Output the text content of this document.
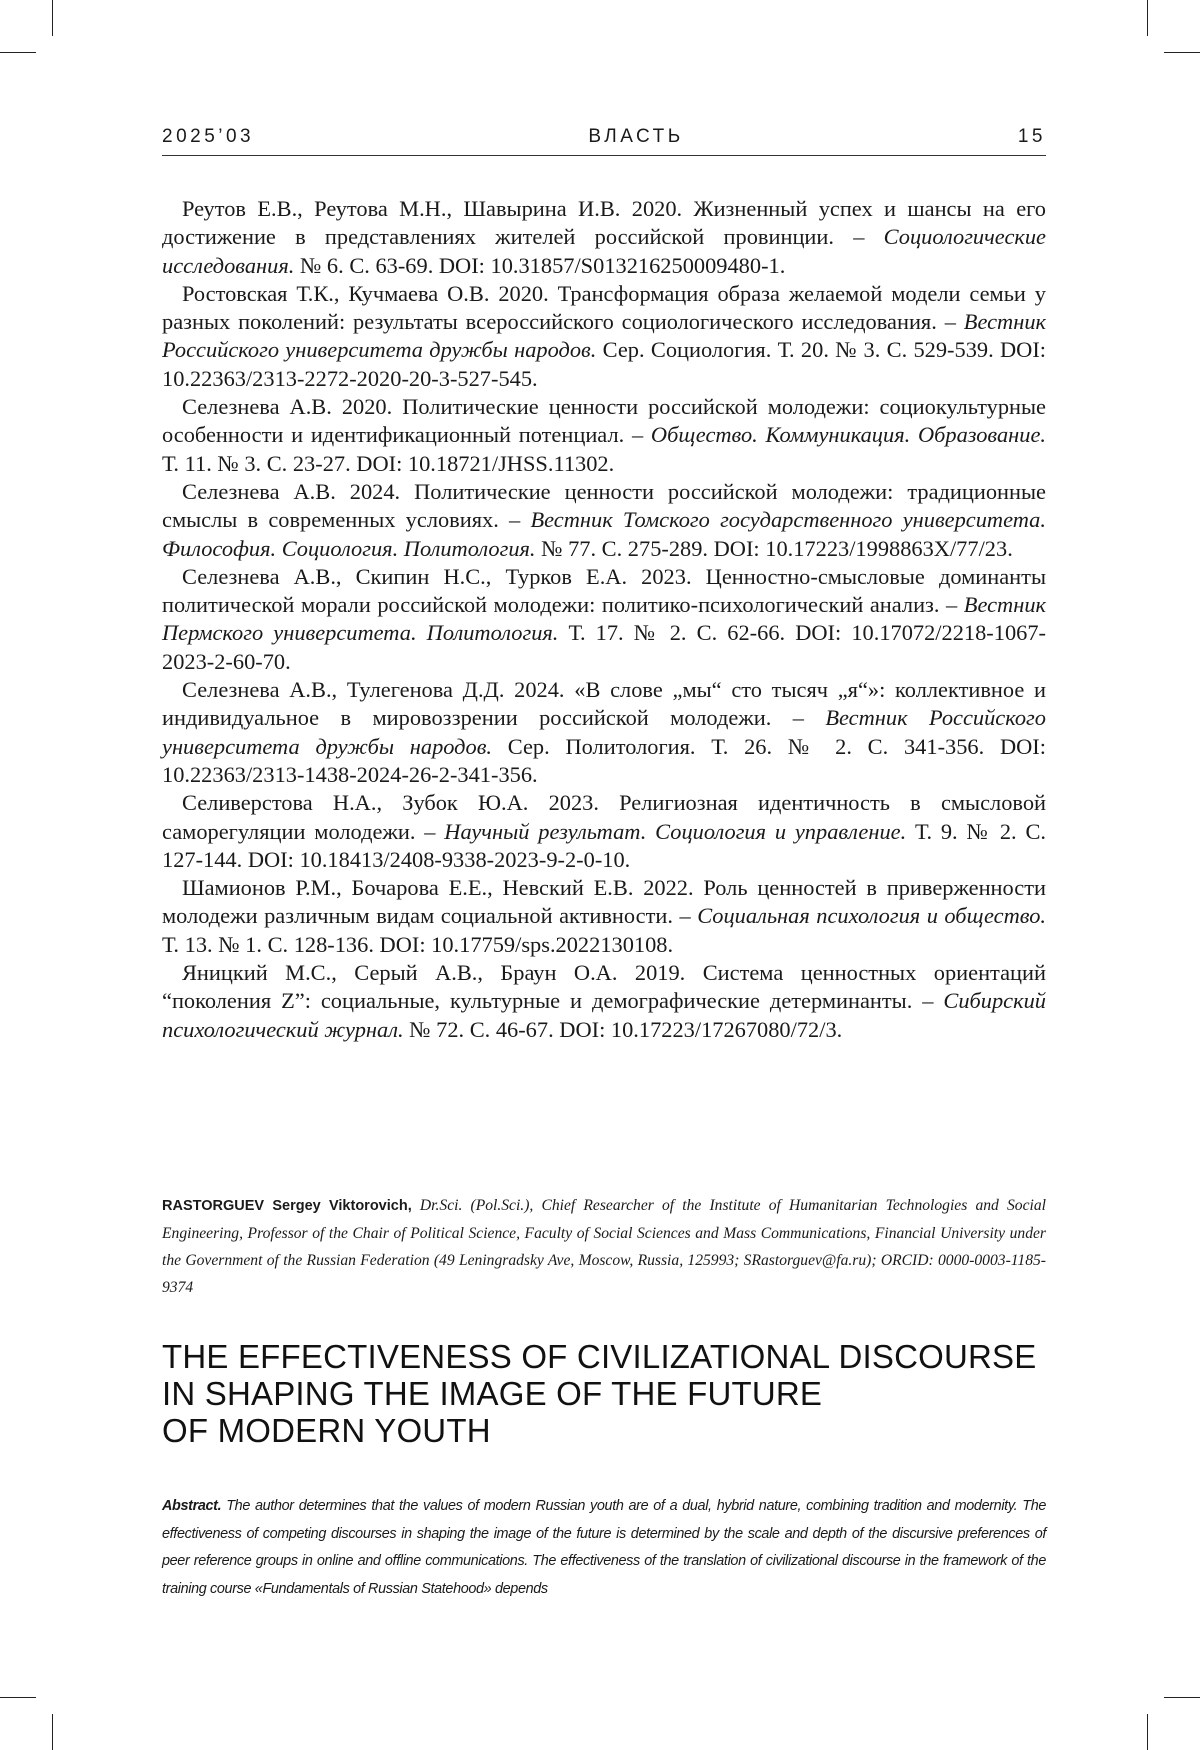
2025’03	ВЛАСТЬ	15

Реутов Е.В., Реутова М.Н., Шавырина И.В. 2020. Жизненный успех и шансы на его достижение в представлениях жителей российской провинции. – Социологические исследования. № 6. С. 63-69. DOI: 10.31857/S013216250009480-1.

Ростовская Т.К., Кучмаева О.В. 2020. Трансформация образа желаемой модели семьи у разных поколений: результаты всероссийского социологического исследования. – Вестник Российского университета дружбы народов. Сер. Социология. Т. 20. № 3. С. 529-539. DOI: 10.22363/2313-2272-2020-20-3-527-545.

Селезнева А.В. 2020. Политические ценности российской молодежи: социокультурные особенности и идентификационный потенциал. – Общество. Коммуникация. Образование. Т. 11. № 3. С. 23-27. DOI: 10.18721/JHSS.11302.

Селезнева А.В. 2024. Политические ценности российской молодежи: традиционные смыслы в современных условиях. – Вестник Томского государственного университета. Философия. Социология. Политология. № 77. С. 275-289. DOI: 10.17223/1998863X/77/23.

Селезнева А.В., Скипин Н.С., Турков Е.А. 2023. Ценностно-смысловые доминанты политической морали российской молодежи: политико-психологический анализ. – Вестник Пермского университета. Политология. Т. 17. № 2. С. 62-66. DOI: 10.17072/2218-1067-2023-2-60-70.

Селезнева А.В., Тулегенова Д.Д. 2024. «В слове „мы“ сто тысяч „я“»: коллективное и индивидуальное в мировоззрении российской молодежи. – Вестник Российского университета дружбы народов. Сер. Политология. Т. 26. № 2. С. 341-356. DOI: 10.22363/2313-1438-2024-26-2-341-356.

Селиверстова Н.А., Зубок Ю.А. 2023. Религиозная идентичность в смысловой саморегуляции молодежи. – Научный результат. Социология и управление. Т. 9. № 2. С. 127-144. DOI: 10.18413/2408-9338-2023-9-2-0-10.

Шамионов Р.М., Бочарова Е.Е., Невский Е.В. 2022. Роль ценностей в приверженности молодежи различным видам социальной активности. – Социальная психология и общество. Т. 13. № 1. С. 128-136. DOI: 10.17759/sps.2022130108.

Яницкий М.С., Серый А.В., Браун О.А. 2019. Система ценностных ориентаций “поколения Z”: социальные, культурные и демографические детерминанты. – Сибирский психологический журнал. № 72. С. 46-67. DOI: 10.17223/17267080/72/3.

RASTORGUEV Sergey Viktorovich, Dr.Sci. (Pol.Sci.), Chief Researcher of the Institute of Humanitarian Technologies and Social Engineering, Professor of the Chair of Political Science, Faculty of Social Sciences and Mass Communications, Financial University under the Government of the Russian Federation (49 Leningradsky Ave, Moscow, Russia, 125993; SRastorguev@fa.ru); ORCID: 0000-0003-1185-9374
THE EFFECTIVENESS OF CIVILIZATIONAL DISCOURSE
IN SHAPING THE IMAGE OF THE FUTURE
OF MODERN YOUTH
Abstract. The author determines that the values of modern Russian youth are of a dual, hybrid nature, combining tradition and modernity. The effectiveness of competing discourses in shaping the image of the future is determined by the scale and depth of the discursive preferences of peer reference groups in online and offline communications. The effectiveness of the translation of civilizational discourse in the framework of the training course «Fundamentals of Russian Statehood» depends
